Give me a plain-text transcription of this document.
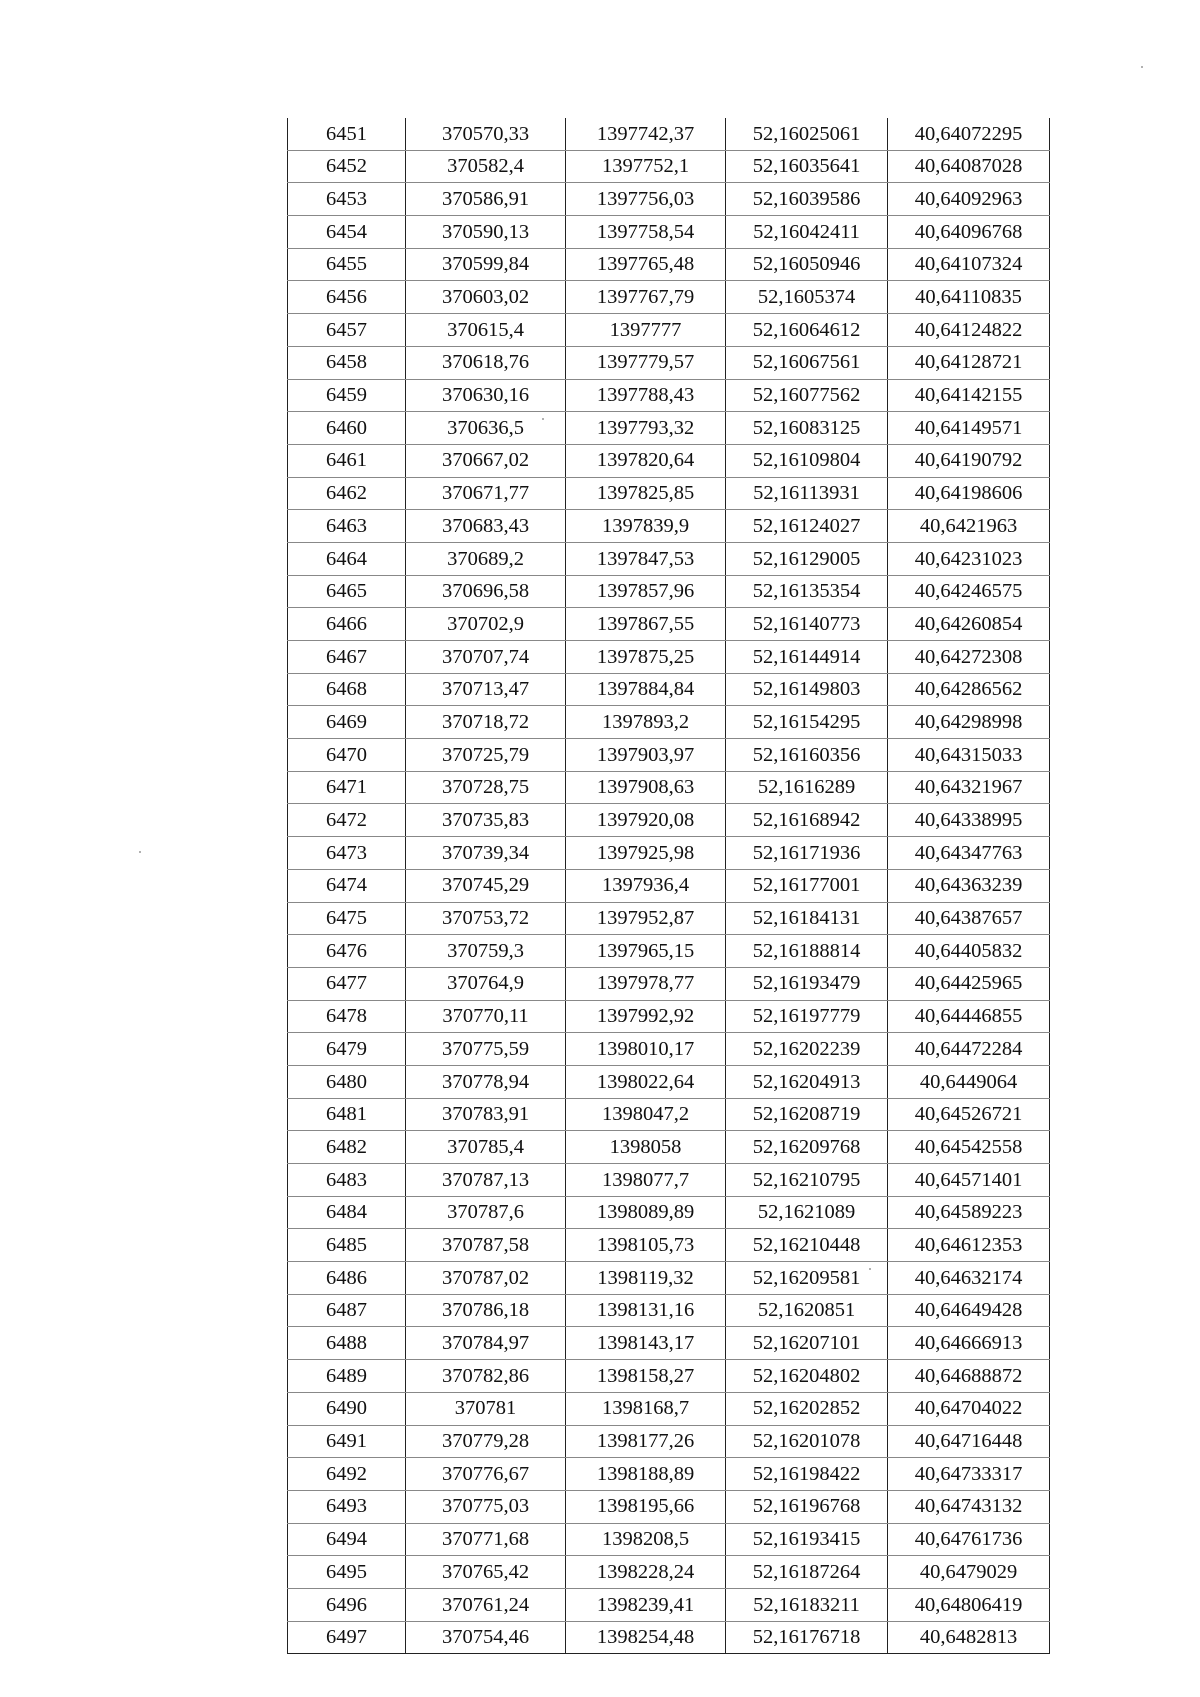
6451	370570,33	1397742,37	52,16025061	40,64072295
6452	370582,4	1397752,1	52,16035641	40,64087028
6453	370586,91	1397756,03	52,16039586	40,64092963
6454	370590,13	1397758,54	52,16042411	40,64096768
6455	370599,84	1397765,48	52,16050946	40,64107324
6456	370603,02	1397767,79	52,1605374	40,64110835
6457	370615,4	1397777	52,16064612	40,64124822
6458	370618,76	1397779,57	52,16067561	40,64128721
6459	370630,16	1397788,43	52,16077562	40,64142155
6460	370636,5	1397793,32	52,16083125	40,64149571
6461	370667,02	1397820,64	52,16109804	40,64190792
6462	370671,77	1397825,85	52,16113931	40,64198606
6463	370683,43	1397839,9	52,16124027	40,6421963
6464	370689,2	1397847,53	52,16129005	40,64231023
6465	370696,58	1397857,96	52,16135354	40,64246575
6466	370702,9	1397867,55	52,16140773	40,64260854
6467	370707,74	1397875,25	52,16144914	40,64272308
6468	370713,47	1397884,84	52,16149803	40,64286562
6469	370718,72	1397893,2	52,16154295	40,64298998
6470	370725,79	1397903,97	52,16160356	40,64315033
6471	370728,75	1397908,63	52,1616289	40,64321967
6472	370735,83	1397920,08	52,16168942	40,64338995
6473	370739,34	1397925,98	52,16171936	40,64347763
6474	370745,29	1397936,4	52,16177001	40,64363239
6475	370753,72	1397952,87	52,16184131	40,64387657
6476	370759,3	1397965,15	52,16188814	40,64405832
6477	370764,9	1397978,77	52,16193479	40,64425965
6478	370770,11	1397992,92	52,16197779	40,64446855
6479	370775,59	1398010,17	52,16202239	40,64472284
6480	370778,94	1398022,64	52,16204913	40,6449064
6481	370783,91	1398047,2	52,16208719	40,64526721
6482	370785,4	1398058	52,16209768	40,64542558
6483	370787,13	1398077,7	52,16210795	40,64571401
6484	370787,6	1398089,89	52,1621089	40,64589223
6485	370787,58	1398105,73	52,16210448	40,64612353
6486	370787,02	1398119,32	52,16209581	40,64632174
6487	370786,18	1398131,16	52,1620851	40,64649428
6488	370784,97	1398143,17	52,16207101	40,64666913
6489	370782,86	1398158,27	52,16204802	40,64688872
6490	370781	1398168,7	52,16202852	40,64704022
6491	370779,28	1398177,26	52,16201078	40,64716448
6492	370776,67	1398188,89	52,16198422	40,64733317
6493	370775,03	1398195,66	52,16196768	40,64743132
6494	370771,68	1398208,5	52,16193415	40,64761736
6495	370765,42	1398228,24	52,16187264	40,6479029
6496	370761,24	1398239,41	52,16183211	40,64806419
6497	370754,46	1398254,48	52,16176718	40,6482813
